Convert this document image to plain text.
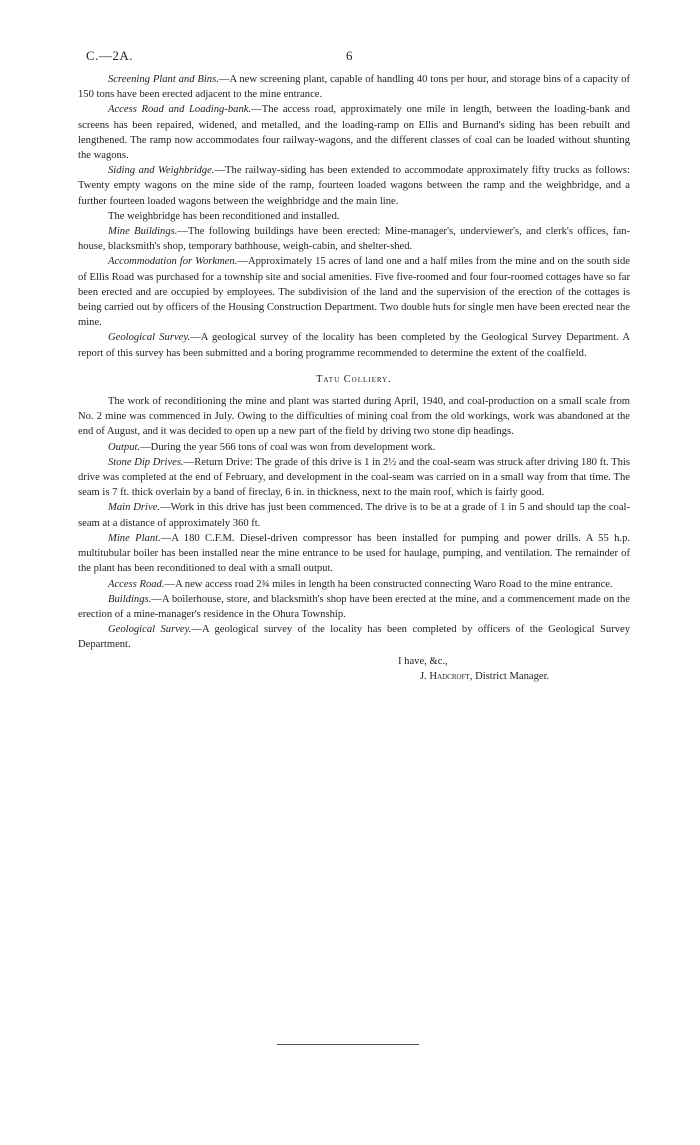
C.—2A.	6

Screening Plant and Bins.—A new screening plant, capable of handling 40 tons per hour, and storage bins of a capacity of 150 tons have been erected adjacent to the mine entrance.

Access Road and Loading-bank.—The access road, approximately one mile in length, between the loading-bank and screens has been repaired, widened, and metalled, and the loading-ramp on Ellis and Burnand's siding has been rebuilt and lengthened. The ramp now accommodates four railway-wagons, and the different classes of coal can be loaded without shunting the wagons.

Siding and Weighbridge.—The railway-siding has been extended to accommodate approximately fifty trucks as follows: Twenty empty wagons on the mine side of the ramp, fourteen loaded wagons between the ramp and the weighbridge, and a further fourteen loaded wagons between the weighbridge and the main line.

The weighbridge has been reconditioned and installed.

Mine Buildings.—The following buildings have been erected: Mine-manager's, underviewer's, and clerk's offices, fan-house, blacksmith's shop, temporary bathhouse, weigh-cabin, and shelter-shed.

Accommodation for Workmen.—Approximately 15 acres of land one and a half miles from the mine and on the south side of Ellis Road was purchased for a township site and social amenities. Five five-roomed and four four-roomed cottages have so far been erected and are occupied by employees. The subdivision of the land and the supervision of the erection of the cottages is being carried out by officers of the Housing Construction Department. Two double huts for single men have been erected near the mine.

Geological Survey.—A geological survey of the locality has been completed by the Geological Survey Department. A report of this survey has been submitted and a boring programme recommended to determine the extent of the coalfield.

Tatu Colliery.

The work of reconditioning the mine and plant was started during April, 1940, and coal-production on a small scale from No. 2 mine was commenced in July. Owing to the difficulties of mining coal from the old workings, work was abandoned at the end of August, and it was decided to open up a new part of the field by driving two stone dip headings.

Output.—During the year 566 tons of coal was won from development work.

Stone Dip Drives.—Return Drive: The grade of this drive is 1 in 2½ and the coal-seam was struck after driving 180 ft. This drive was completed at the end of February, and development in the coal-seam was carried on in a small way from that time. The seam is 7 ft. thick overlain by a band of fireclay, 6 in. in thickness, next to the main roof, which is fairly good.

Main Drive.—Work in this drive has just been commenced. The drive is to be at a grade of 1 in 5 and should tap the coal-seam at a distance of approximately 360 ft.

Mine Plant.—A 180 C.F.M. Diesel-driven compressor has been installed for pumping and power drills. A 55 h.p. multitubular boiler has been installed near the mine entrance to be used for haulage, pumping, and ventilation. The remainder of the plant has been reconditioned to deal with a small output.

Access Road.—A new access road 2¾ miles in length ha been constructed connecting Waro Road to the mine entrance.

Buildings.—A boilerhouse, store, and blacksmith's shop have been erected at the mine, and a commencement made on the erection of a mine-manager's residence in the Ohura Township.

Geological Survey.—A geological survey of the locality has been completed by officers of the Geological Survey Department.

I have, &c.,
J. Hadcroft, District Manager.
